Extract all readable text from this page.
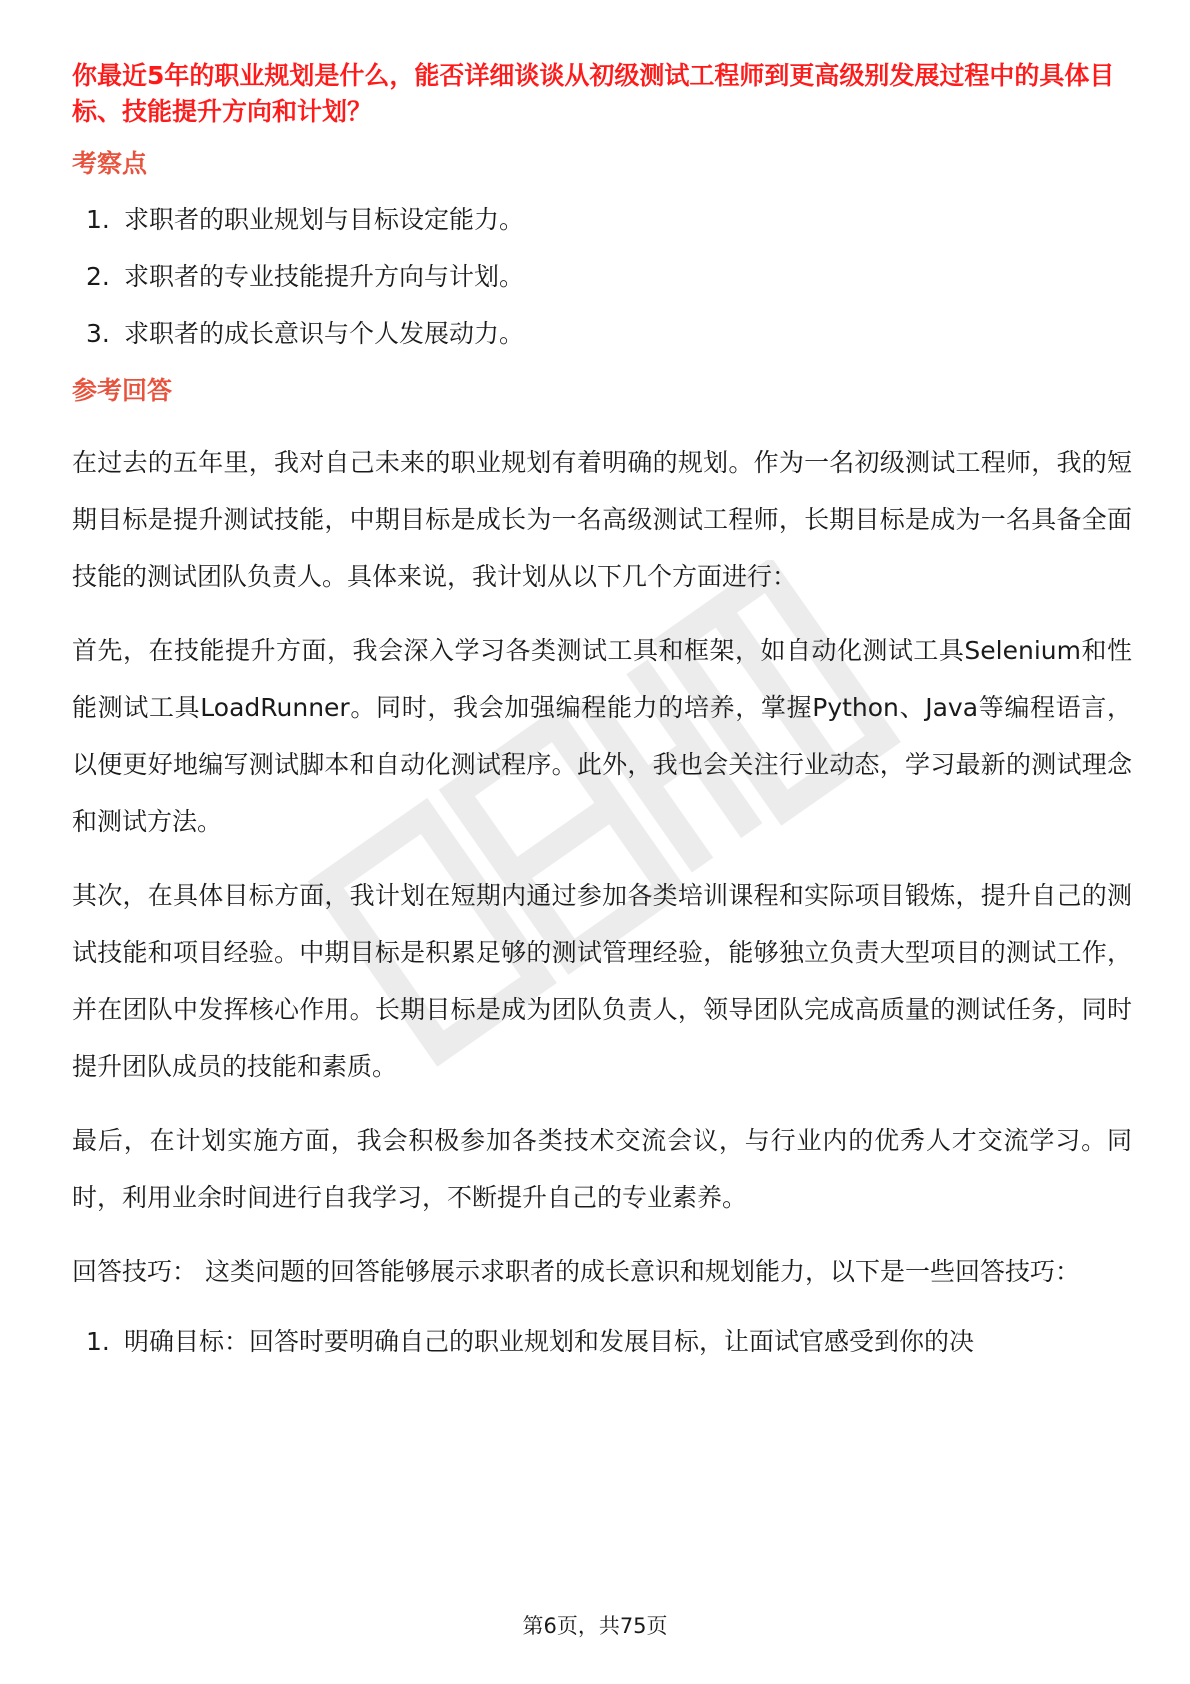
你最近5年的职业规划是什么，能否详细谈谈从初级测试工程师到更高级别发展过程中的具体目标、技能提升方向和计划？
考察点
1. 求职者的职业规划与目标设定能力。
2. 求职者的专业技能提升方向与计划。
3. 求职者的成长意识与个人发展动力。
参考回答

在过去的五年里，我对自己未来的职业规划有着明确的规划。作为一名初级测试工程师，我的短期目标是提升测试技能，中期目标是成长为一名高级测试工程师，长期目标是成为一名具备全面技能的测试团队负责人。具体来说，我计划从以下几个方面进行：

首先，在技能提升方面，我会深入学习各类测试工具和框架，如自动化测试工具Selenium和性能测试工具LoadRunner。同时，我会加强编程能力的培养，掌握Python、Java等编程语言，以便更好地编写测试脚本和自动化测试程序。此外，我也会关注行业动态，学习最新的测试理念和测试方法。

其次，在具体目标方面，我计划在短期内通过参加各类培训课程和实际项目锻炼，提升自己的测试技能和项目经验。中期目标是积累足够的测试管理经验，能够独立负责大型项目的测试工作，并在团队中发挥核心作用。长期目标是成为团队负责人，领导团队完成高质量的测试任务，同时提升团队成员的技能和素质。

最后，在计划实施方面，我会积极参加各类技术交流会议，与行业内的优秀人才交流学习。同时，利用业余时间进行自我学习，不断提升自己的专业素养。

回答技巧： 这类问题的回答能够展示求职者的成长意识和规划能力，以下是一些回答技巧：

1. 明确目标：回答时要明确自己的职业规划和发展目标，让面试官感受到你的决
第6页，共75页
